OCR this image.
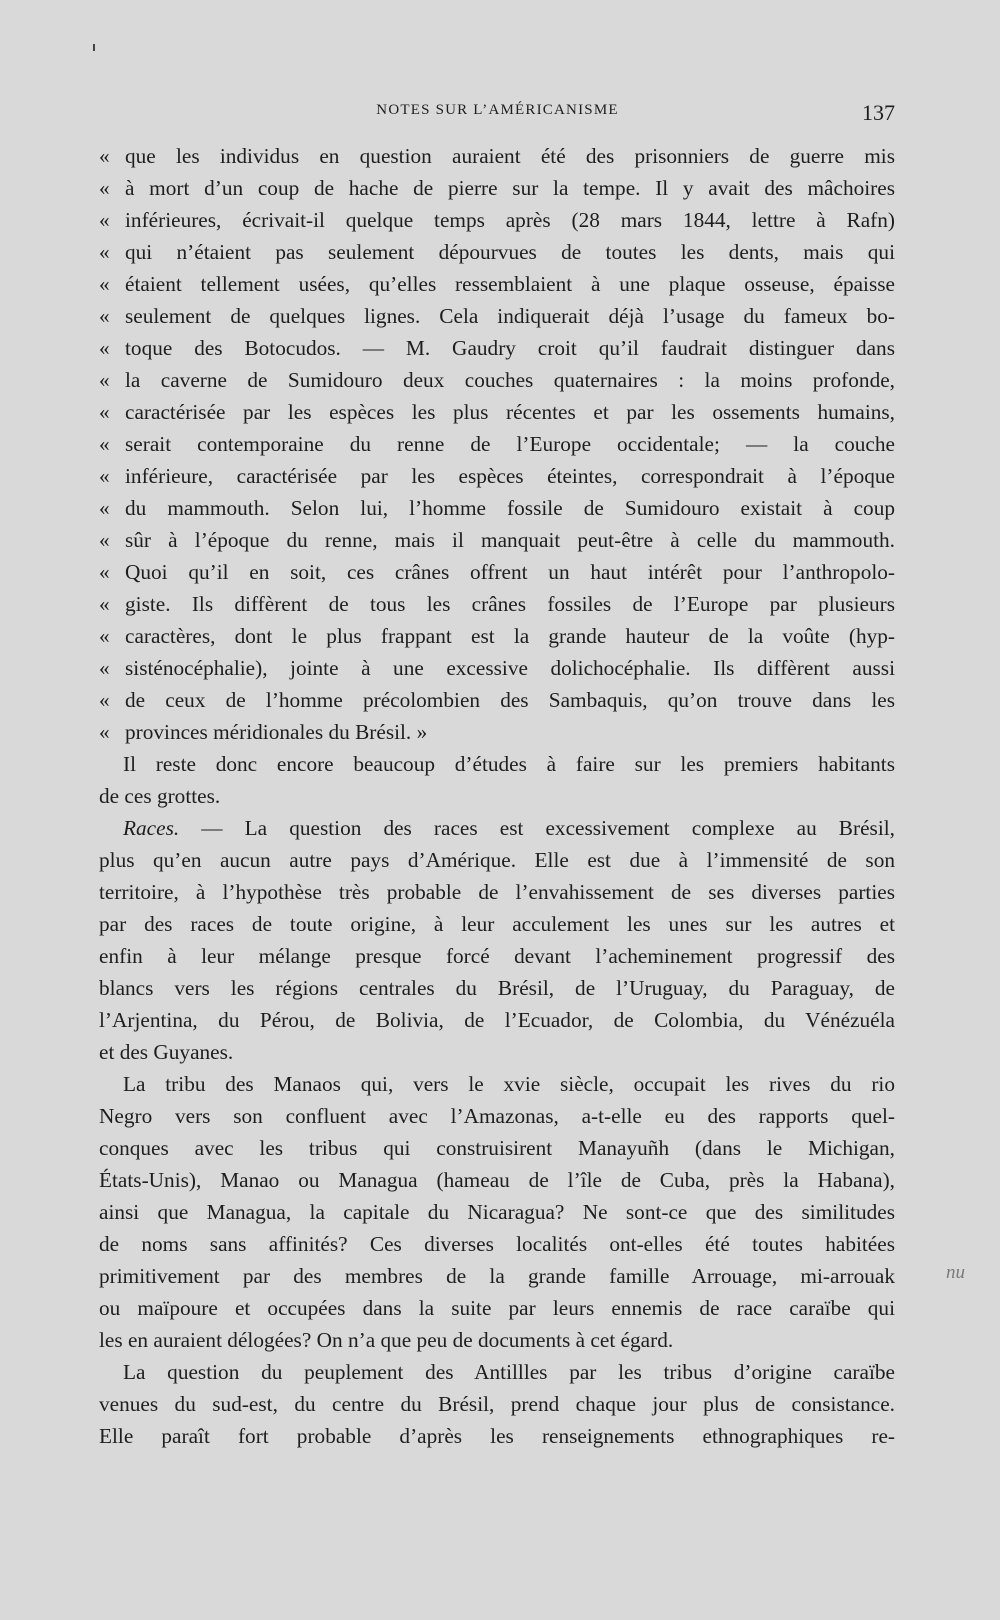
NOTES SUR L’AMÉRICANISME	137
« que les individus en question auraient été des prisonniers de guerre mis
« à mort d’un coup de hache de pierre sur la tempe. Il y avait des mâchoires
« inférieures, écrivait-il quelque temps après (28 mars 1844, lettre à Rafn)
« qui n’étaient pas seulement dépourvues de toutes les dents, mais qui
« étaient tellement usées, qu’elles ressemblaient à une plaque osseuse, épaisse
« seulement de quelques lignes. Cela indiquerait déjà l’usage du fameux bo-
« toque des Botocudos. — M. Gaudry croit qu’il faudrait distinguer dans
« la caverne de Sumidouro deux couches quaternaires : la moins profonde,
« caractérisée par les espèces les plus récentes et par les ossements humains,
« serait contemporaine du renne de l’Europe occidentale; — la couche
« inférieure, caractérisée par les espèces éteintes, correspondrait à l’époque
« du mammouth. Selon lui, l’homme fossile de Sumidouro existait à coup
« sûr à l’époque du renne, mais il manquait peut-être à celle du mammouth.
« Quoi qu’il en soit, ces crânes offrent un haut intérêt pour l’anthropolo-
« giste. Ils diffèrent de tous les crânes fossiles de l’Europe par plusieurs
« caractères, dont le plus frappant est la grande hauteur de la voûte (hyp-
« sisténocéphalie), jointe à une excessive dolichocéphalie. Ils diffèrent aussi
« de ceux de l’homme précolombien des Sambaquis, qu’on trouve dans les
« provinces méridionales du Brésil. »
Il reste donc encore beaucoup d’études à faire sur les premiers habitants
de ces grottes.
Races. — La question des races est excessivement complexe au Brésil,
plus qu’en aucun autre pays d’Amérique. Elle est due à l’immensité de son
territoire, à l’hypothèse très probable de l’envahissement de ses diverses parties
par des races de toute origine, à leur acculement les unes sur les autres et
enfin à leur mélange presque forcé devant l’acheminement progressif des
blancs vers les régions centrales du Brésil, de l’Uruguay, du Paraguay, de
l’Arjentina, du Pérou, de Bolivia, de l’Ecuador, de Colombia, du Vénézuéla
et des Guyanes.
La tribu des Manaos qui, vers le xvie siècle, occupait les rives du rio
Negro vers son confluent avec l’Amazonas, a-t-elle eu des rapports quel-
conques avec les tribus qui construisirent Manayuñh (dans le Michigan,
États-Unis), Manao ou Managua (hameau de l’île de Cuba, près la Habana),
ainsi que Managua, la capitale du Nicaragua? Ne sont-ce que des similitudes
de noms sans affinités? Ces diverses localités ont-elles été toutes habitées
primitivement par des membres de la grande famille Arrouage, mi-arrouak
ou maïpoure et occupées dans la suite par leurs ennemis de race caraïbe qui
les en auraient délogées? On n’a que peu de documents à cet égard.
La question du peuplement des Antillles par les tribus d’origine caraïbe
venues du sud-est, du centre du Brésil, prend chaque jour plus de consistance.
Elle paraît fort probable d’après les renseignements ethnographiques re-
nu
